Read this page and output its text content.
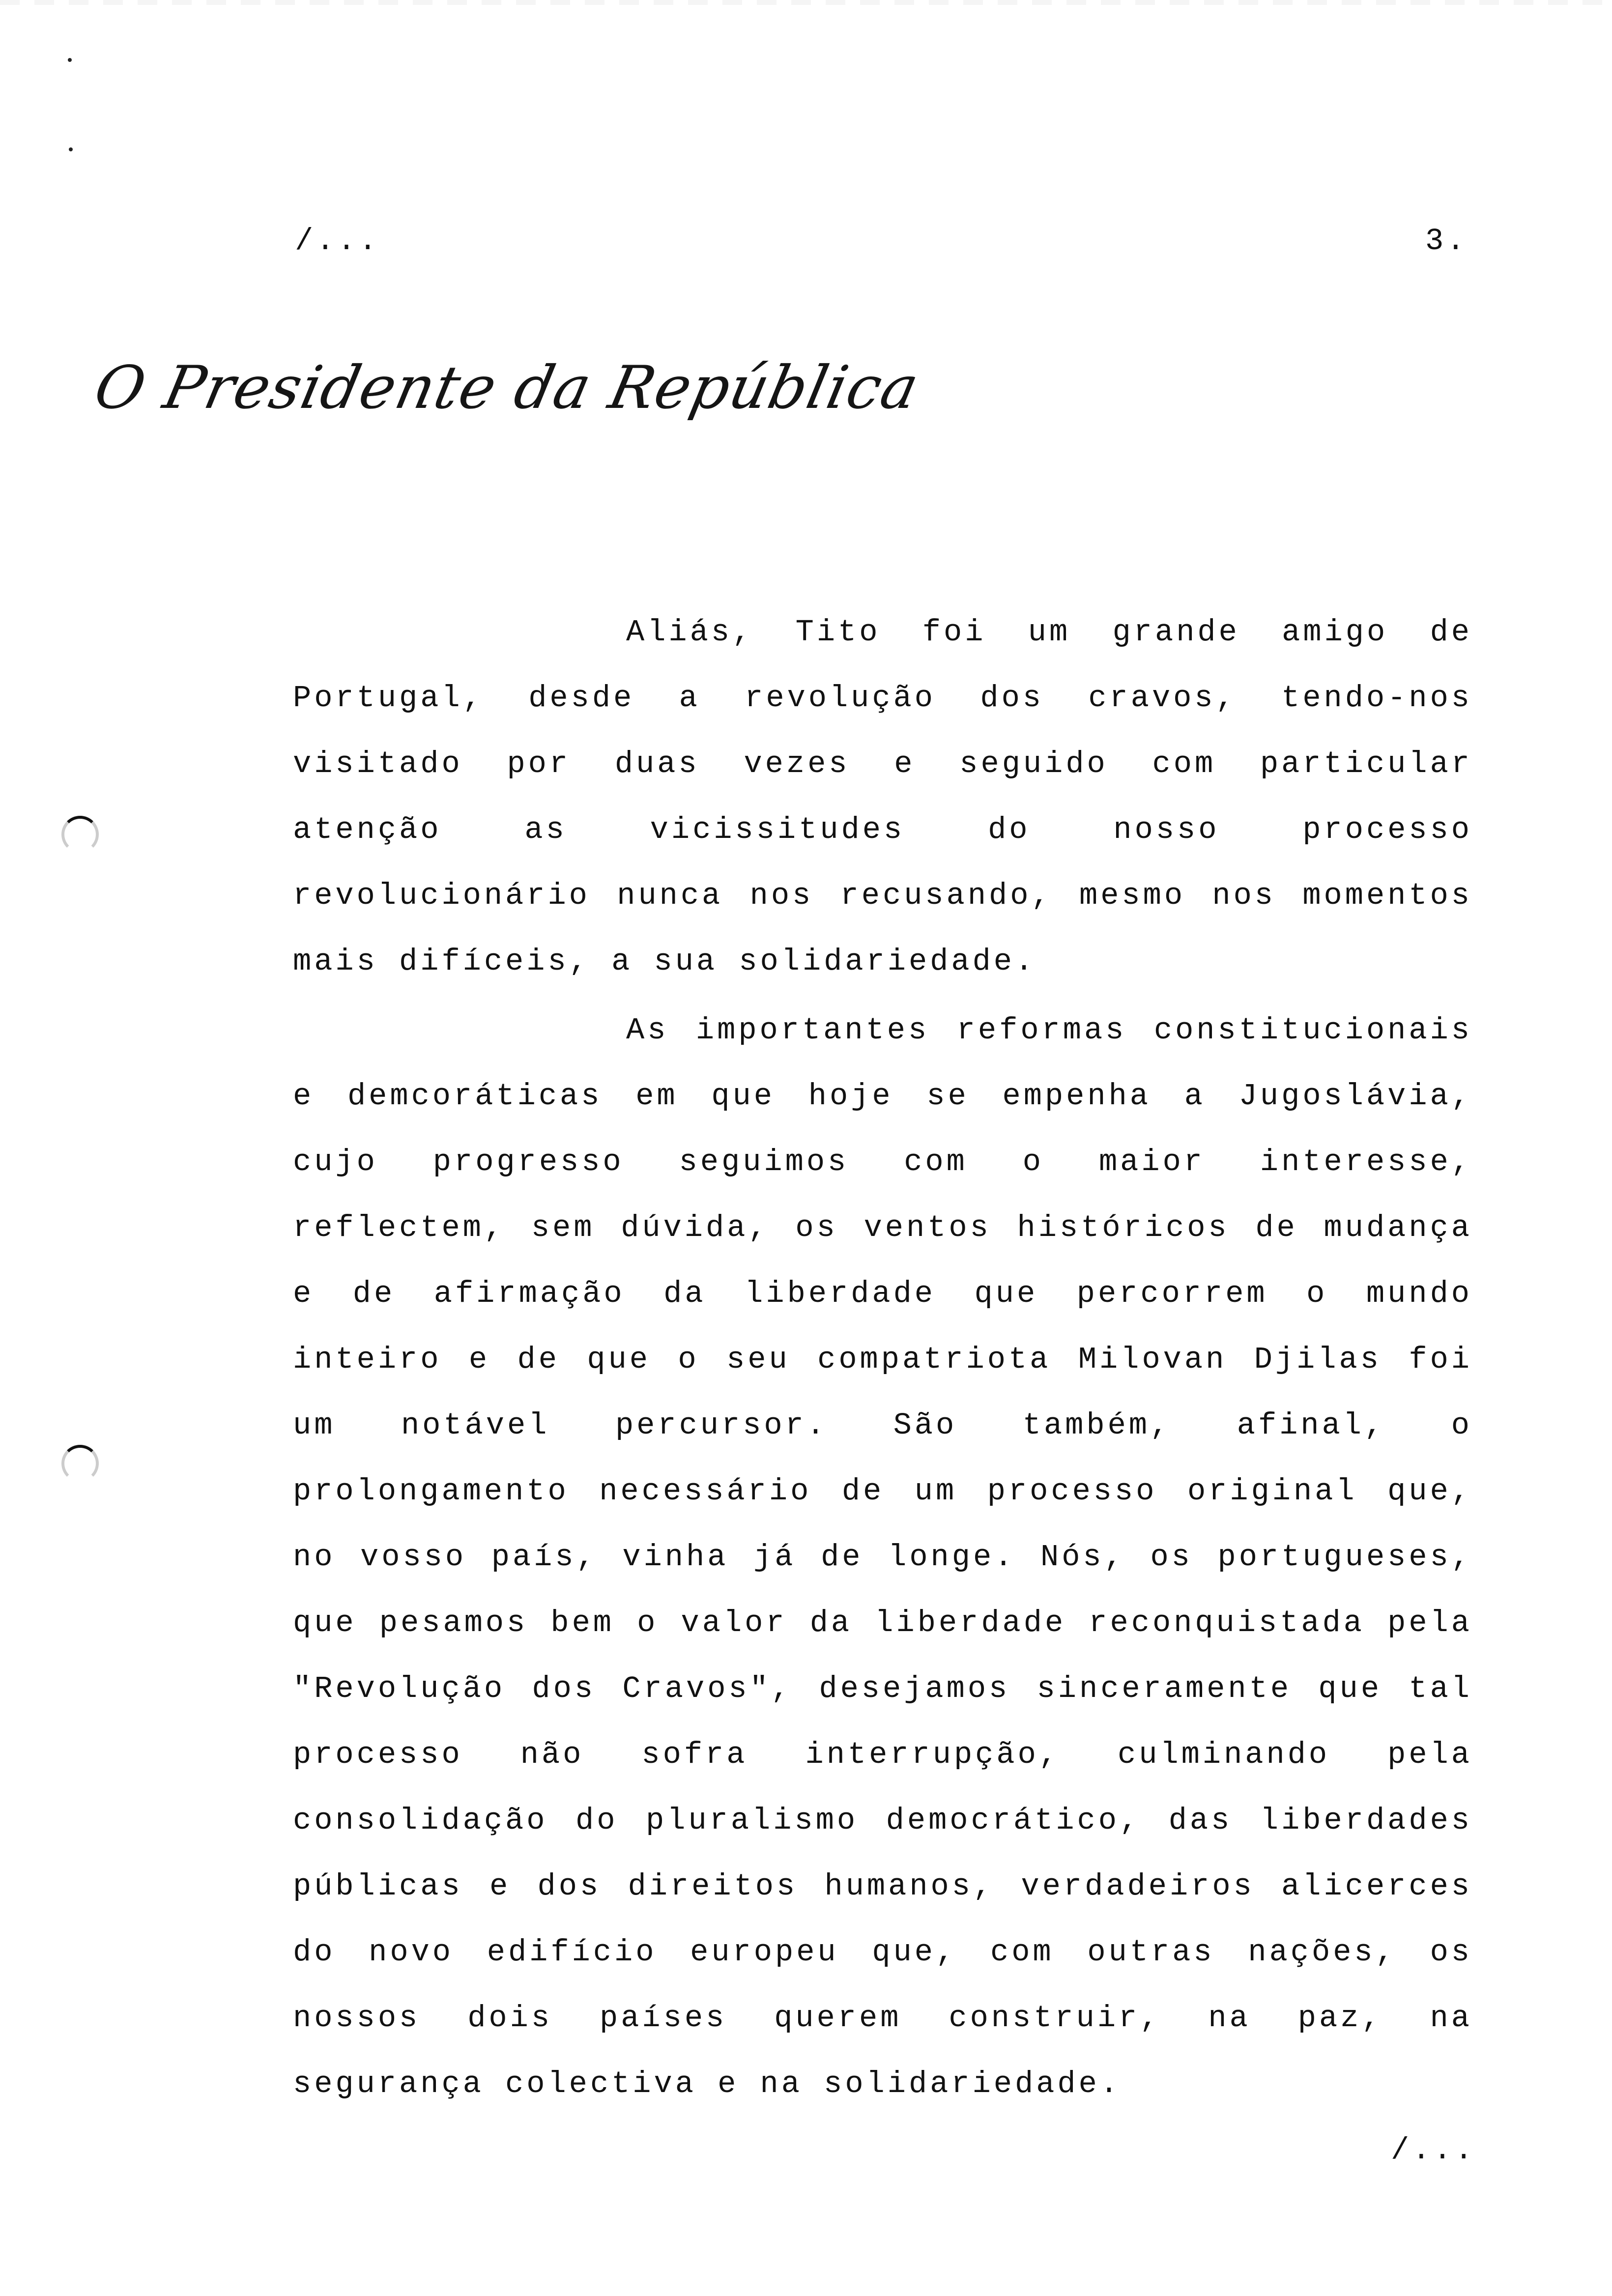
/...	3.
O Presidente da República

Aliás, Tito foi um grande amigo de Portugal, desde a revolução dos cravos, tendo-nos visitado por duas vezes e seguido com particular atenção as vicissitudes do nosso processo revolucionário nunca nos recusando, mesmo nos momentos mais difíceis, a sua solidariedade.

As importantes reformas constitucionais e demcoráticas em que hoje se empenha a Jugoslávia, cujo progresso seguimos com o maior interesse, reflectem, sem dúvida, os ventos históricos de mudança e de afirmação da liberdade que percorrem o mundo inteiro e de que o seu compatriota Milovan Djilas foi um notável percursor. São também, afinal, o prolongamento necessário de um processo original que, no vosso país, vinha já de longe. Nós, os portugueses, que pesamos bem o valor da liberdade reconquistada pela "Revolução dos Cravos", desejamos sinceramente que tal processo não sofra interrupção, culminando pela consolidação do pluralismo democrático, das liberdades públicas e dos direitos humanos, verdadeiros alicerces do novo edifício europeu que, com outras nações, os nossos dois países querem construir, na paz, na segurança colectiva e na solidariedade.

/...
